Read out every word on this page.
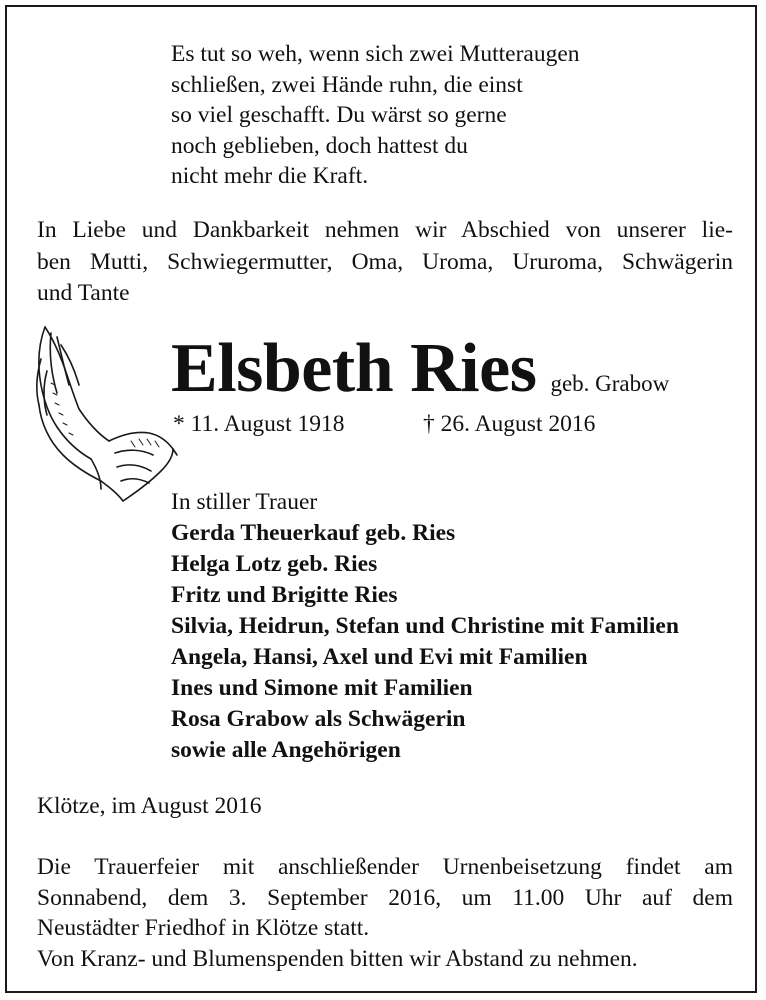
Es tut so weh, wenn sich zwei Mutteraugen
schließen, zwei Hände ruhn, die einst
so viel geschafft. Du wärst so gerne
noch geblieben, doch hattest du
nicht mehr die Kraft.
In Liebe und Dankbarkeit nehmen wir Abschied von unserer lie-
ben Mutti, Schwiegermutter, Oma, Uroma, Ururoma, Schwägerin
und Tante
Elsbeth Ries geb. Grabow
* 11. August 1918	† 26. August 2016
In stiller Trauer
Gerda Theuerkauf geb. Ries
Helga Lotz geb. Ries
Fritz und Brigitte Ries
Silvia, Heidrun, Stefan und Christine mit Familien
Angela, Hansi, Axel und Evi mit Familien
Ines und Simone mit Familien
Rosa Grabow als Schwägerin
sowie alle Angehörigen
Klötze, im August 2016
Die Trauerfeier mit anschließender Urnenbeisetzung findet am
Sonnabend, dem 3. September 2016, um 11.00 Uhr auf dem
Neustädter Friedhof in Klötze statt.
Von Kranz- und Blumenspenden bitten wir Abstand zu nehmen.
